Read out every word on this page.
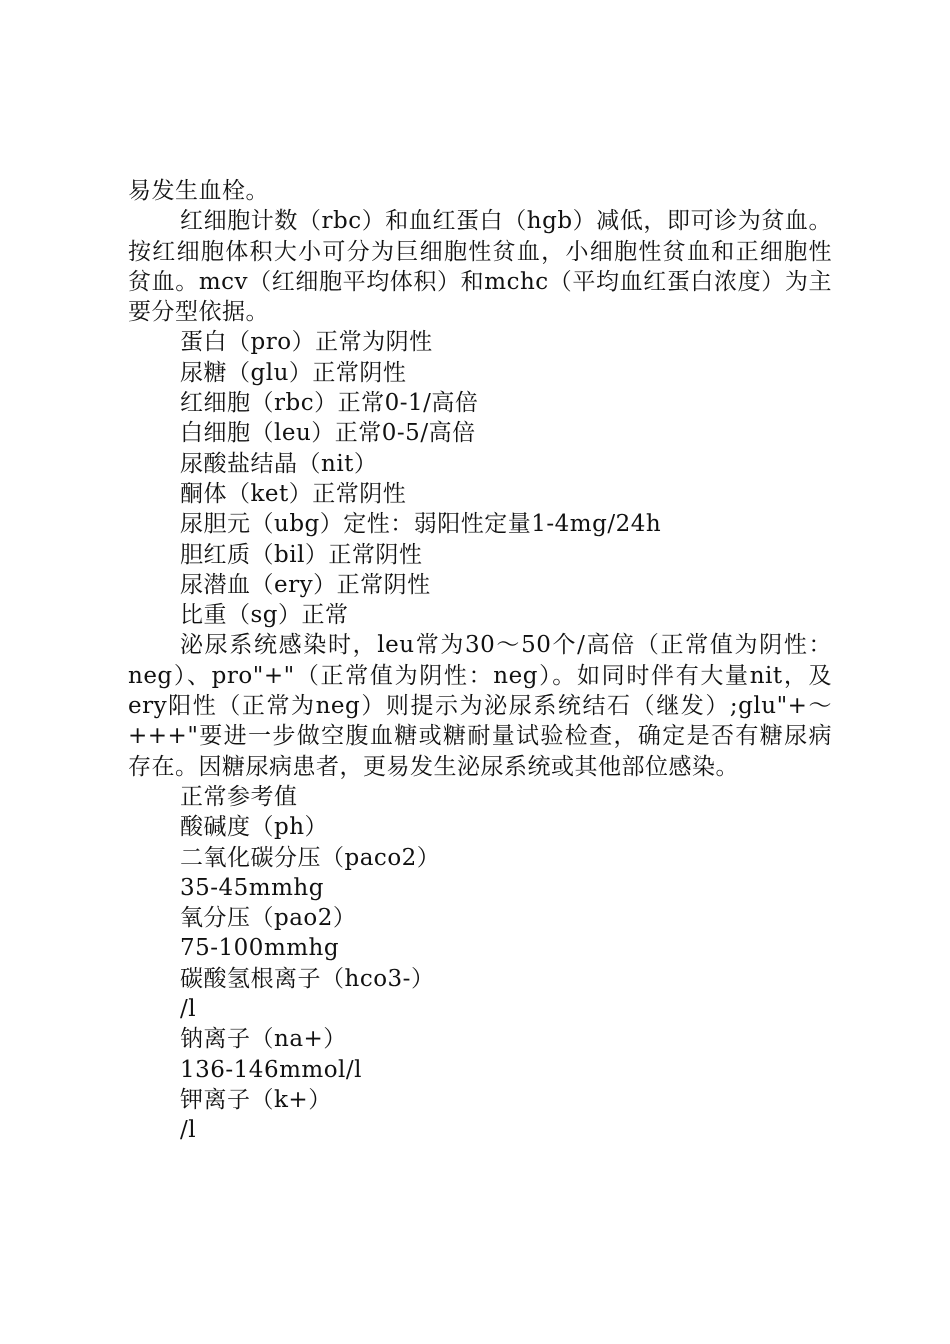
易发生血栓。

红细胞计数（rbc）和血红蛋白（hgb）减低，即可诊为贫血。按红细胞体积大小可分为巨细胞性贫血，小细胞性贫血和正细胞性贫血。mcv（红细胞平均体积）和mchc（平均血红蛋白浓度）为主要分型依据。

蛋白（pro）正常为阴性

尿糖（glu）正常阴性

红细胞（rbc）正常0-1/高倍

白细胞（leu）正常0-5/高倍

尿酸盐结晶（nit）

酮体（ket）正常阴性

尿胆元（ubg）定性：弱阳性定量1-4mg/24h

胆红质（bil）正常阴性

尿潜血（ery）正常阴性

比重（sg）正常

泌尿系统感染时，leu常为30～50个/高倍（正常值为阴性：neg）、pro"+"（正常值为阴性：neg）。如同时伴有大量nit，及ery阳性（正常为neg）则提示为泌尿系统结石（继发）;glu"+～+++"要进一步做空腹血糖或糖耐量试验检查，确定是否有糖尿病存在。因糖尿病患者，更易发生泌尿系统或其他部位感染。

正常参考值

酸碱度（ph）

二氧化碳分压（paco2）

35-45mmhg

氧分压（pao2）

75-100mmhg

碳酸氢根离子（hco3-）

/l

钠离子（na+）

136-146mmol/l

钾离子（k+）

/l
